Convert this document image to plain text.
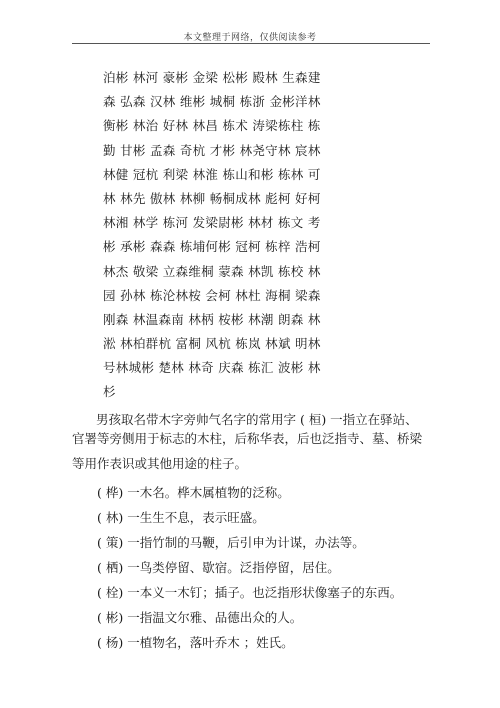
本文整理于网络，仅供阅读参考
泊彬 林河 豪彬 金梁 松彬 殿林 生森建
森 弘森 汉林 维彬 城桐 栋浙 金彬洋林
衡彬 林治 好林 林昌 栋术 涛梁栋柱 栋
勤 甘彬 孟森 奇杭 才彬 林尧守林 宸林
林健 冠杭 利梁 林淮 栋山和彬 栋林 可
林 林先 傲林 林柳 畅桐成林 彪柯 好柯
林湘 林学 栋河 发梁尉彬 林材 栋文 考
彬 承彬 森森 栋埔何彬 冠柯 栋梓 浩柯
林杰 敬梁 立森维桐 蒙森 林凯 栋校 林
园 孙林 栋沦林桉 会柯 林杜 海桐 梁森
刚森 林温森南 林柄 桉彬 林潮 朗森 林
淞 林柏群杭 富桐 风杭 栋岚 林斌 明林
号林城彬 楚林 林奇 庆森 栋汇 波彬 林
杉

男孩取名带木字旁帅气名字的常用字 ( 桓) 一指立在驿站、官署等旁侧用于标志的木柱，后称华表，后也泛指寺、墓、桥梁

等用作表识或其他用途的柱子。

( 桦) 一木名。桦木属植物的泛称。
( 林) 一生生不息，表示旺盛。
( 策) 一指竹制的马鞭，后引申为计谋，办法等。
( 栖) 一鸟类停留、歇宿。泛指停留，居住。
( 栓) 一本义一木钉；插子。也泛指形状像塞子的东西。
( 彬) 一指温文尔雅、品德出众的人。
( 杨) 一植物名，落叶乔木 ；姓氏。
